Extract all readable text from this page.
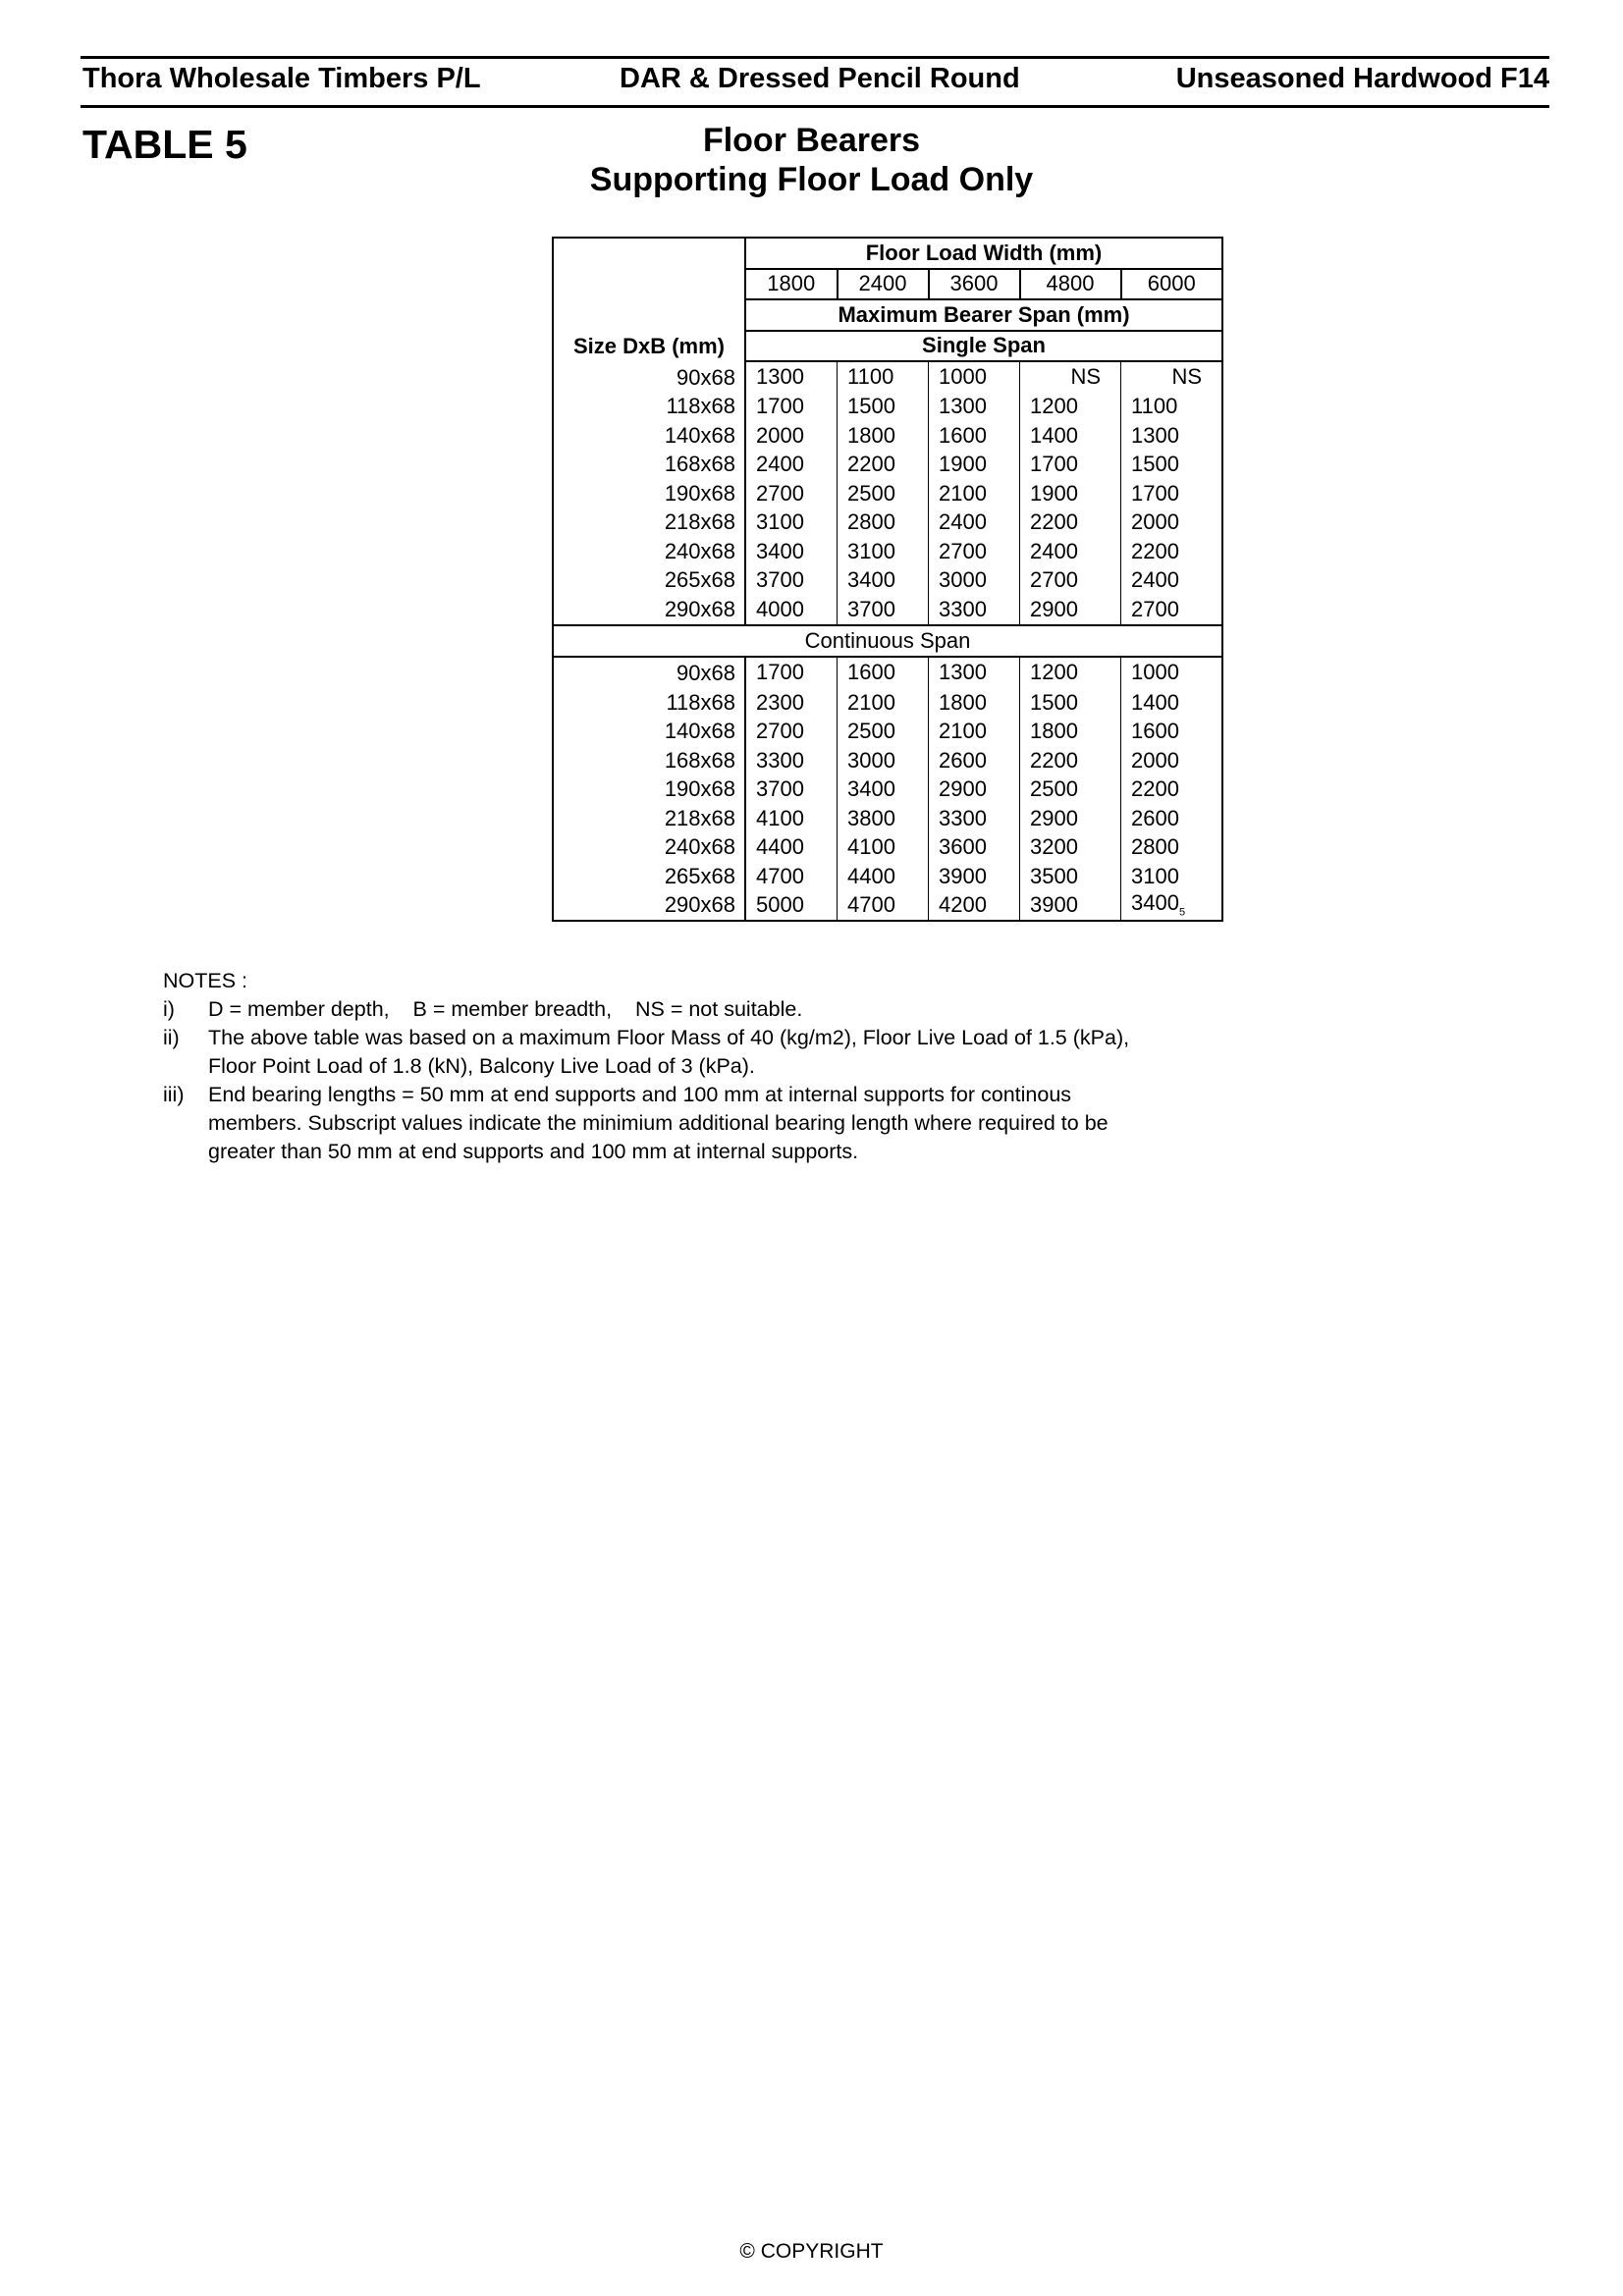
Thora Wholesale Timbers P/L	DAR & Dressed Pencil Round	Unseasoned Hardwood F14
TABLE 5	Floor Bearers
Supporting Floor Load Only
Size DxB (mm)	Floor Load Width (mm)				
	1800	2400	3600	4800	6000
	Maximum Bearer Span (mm)				
	Single Span				
90x68	1300	1100	1000	NS	NS
118x68	1700	1500	1300	1200	1100
140x68	2000	1800	1600	1400	1300
168x68	2400	2200	1900	1700	1500
190x68	2700	2500	2100	1900	1700
218x68	3100	2800	2400	2200	2000
240x68	3400	3100	2700	2400	2200
265x68	3700	3400	3000	2700	2400
290x68	4000	3700	3300	2900	2700
Continuous Span					
90x68	1700	1600	1300	1200	1000
118x68	2300	2100	1800	1500	1400
140x68	2700	2500	2100	1800	1600
168x68	3300	3000	2600	2200	2000
190x68	3700	3400	2900	2500	2200
218x68	4100	3800	3300	2900	2600
240x68	4400	4100	3600	3200	2800
265x68	4700	4400	3900	3500	3100
290x68	5000	4700	4200	3900	$3400_5$
NOTES :
i)	D = member depth,    B = member breadth,    NS = not suitable.
ii)	The above table was based on a maximum Floor Mass of 40 (kg/m2), Floor Live Load of 1.5 (kPa), Floor Point Load of 1.8 (kN), Balcony Live Load of 3 (kPa).
iii)	End bearing lengths = 50 mm at end supports and 100 mm at internal supports for continous members. Subscript values indicate the minimium additional bearing length where required to be greater than 50 mm at end supports and 100 mm at internal supports.
© COPYRIGHT
